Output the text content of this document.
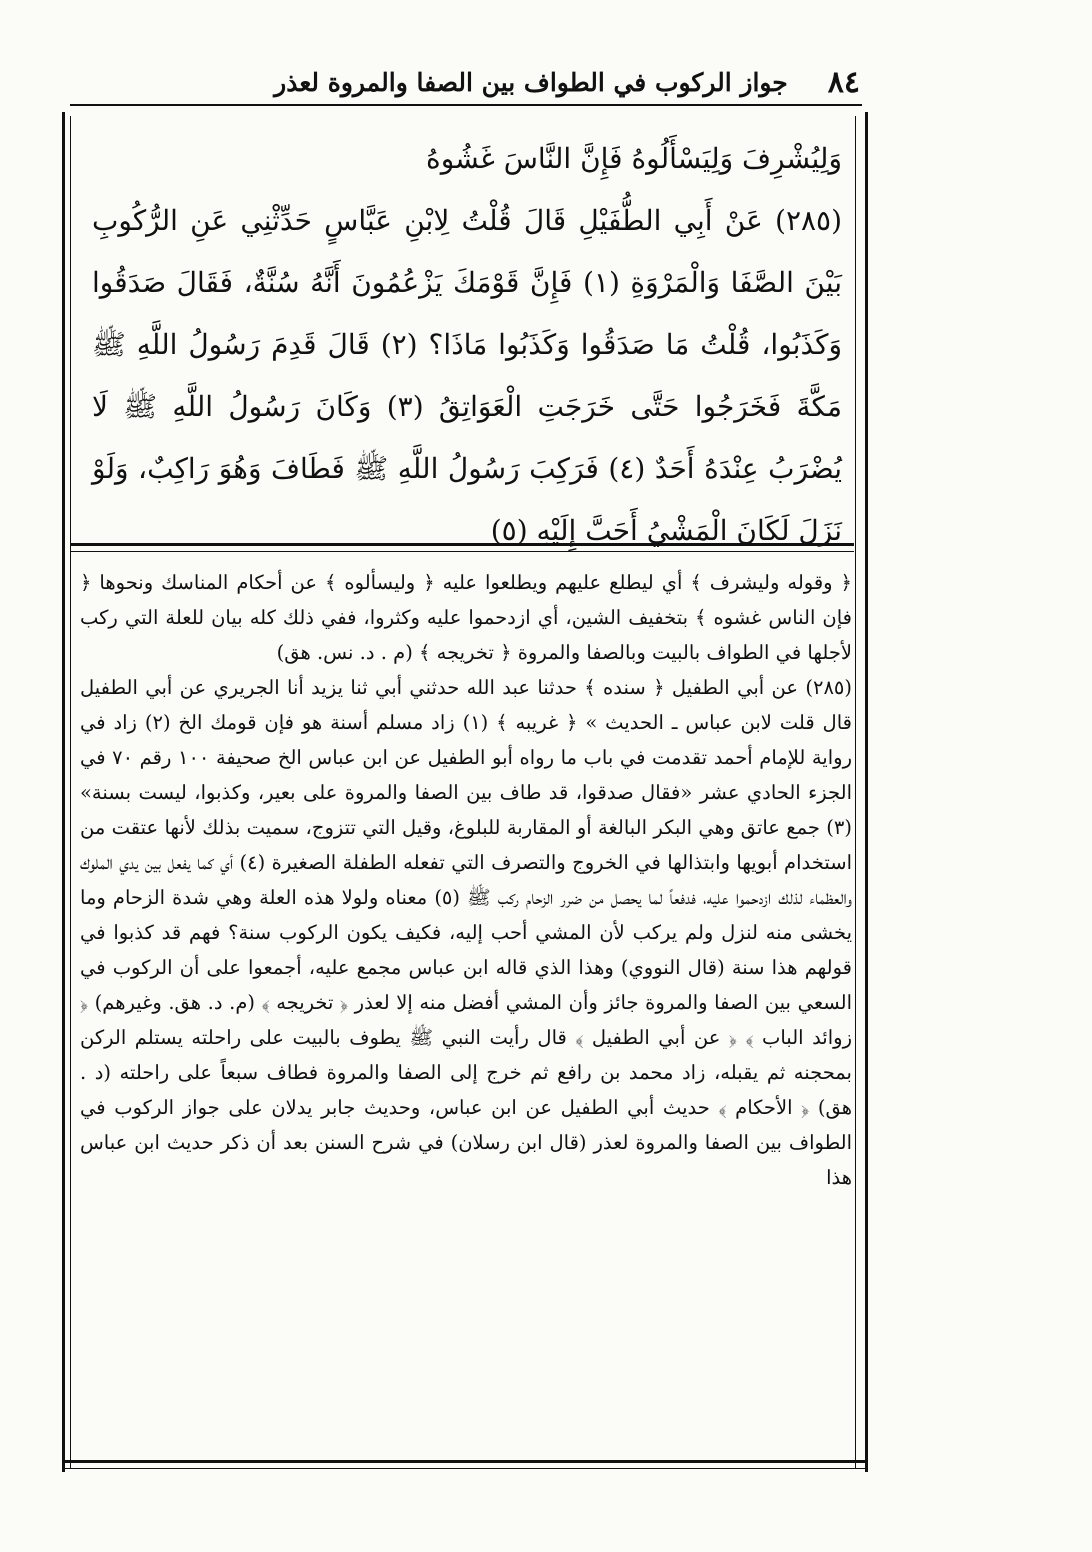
٨٤
جواز الركوب في الطواف بين الصفا والمروة لعذر

وَلِيُشْرِفَ وَلِيَسْأَلُوهُ فَإِنَّ النَّاسَ غَشُوهُ

(٢٨٥) عَنْ أَبِي الطُّفَيْلِ قَالَ قُلْتُ لِابْنِ عَبَّاسٍ حَدِّثْنِي عَنِ الرُّكُوبِ بَيْنَ الصَّفَا وَالْمَرْوَةِ (١) فَإِنَّ قَوْمَكَ يَزْعُمُونَ أَنَّهُ سُنَّةٌ، فَقَالَ صَدَقُوا وَكَذَبُوا، قُلْتُ مَا صَدَقُوا وَكَذَبُوا مَاذَا؟ (٢) قَالَ قَدِمَ رَسُولُ اللَّهِ ﷺ مَكَّةَ فَخَرَجُوا حَتَّى خَرَجَتِ الْعَوَاتِقُ (٣) وَكَانَ رَسُولُ اللَّهِ ﷺ لَا يُضْرَبُ عِنْدَهُ أَحَدٌ (٤) فَرَكِبَ رَسُولُ اللَّهِ ﷺ فَطَافَ وَهُوَ رَاكِبٌ، وَلَوْ نَزَلَ لَكَانَ الْمَشْيُ أَحَبَّ إِلَيْهِ (٥)

﴿ وقوله وليشرف ﴾ أي ليطلع عليهم ويطلعوا عليه ﴿ وليسألوه ﴾ عن أحكام المناسك ونحوها ﴿ فإن الناس غشوه ﴾ بتخفيف الشين، أي ازدحموا عليه وكثروا، ففي ذلك كله بيان للعلة التي ركب لأجلها في الطواف بالبيت وبالصفا والمروة ﴿ تخريجه ﴾ (م . د. نس. هق)

(٢٨٥) عن أبي الطفيل ﴿ سنده ﴾ حدثنا عبد الله حدثني أبي ثنا يزيد أنا الجريري عن أبي الطفيل قال قلت لابن عباس ـ الحديث » ﴿ غريبه ﴾ (١) زاد مسلم أسنة هو فإن قومك الخ (٢) زاد في رواية للإمام أحمد تقدمت في باب ما رواه أبو الطفيل عن ابن عباس الخ صحيفة ١٠٠ رقم ٧٠ في الجزء الحادي عشر «فقال صدقوا، قد طاف بين الصفا والمروة على بعير، وكذبوا، ليست بسنة» (٣) جمع عاتق وهي البكر البالغة أو المقاربة للبلوغ، وقيل التي تتزوج، سميت بذلك لأنها عتقت من استخدام أبويها وابتذالها في الخروج والتصرف التي تفعله الطفلة الصغيرة (٤) أي كما يفعل بين يدي الملوك والعظماء لذلك ازدحموا عليه، فدفعاً لما يحصل من ضرر الزحام ركب ﷺ (٥) معناه ولولا هذه العلة وهي شدة الزحام وما يخشى منه لنزل ولم يركب لأن المشي أحب إليه، فكيف يكون الركوب سنة؟ فهم قد كذبوا في قولهم هذا سنة (قال النووي) وهذا الذي قاله ابن عباس مجمع عليه، أجمعوا على أن الركوب في السعي بين الصفا والمروة جائز وأن المشي أفضل منه إلا لعذر ﴿ تخريجه ﴾ (م. د. هق. وغيرهم) ﴿ زوائد الباب ﴾ ﴿ عن أبي الطفيل ﴾ قال رأيت النبي ﷺ يطوف بالبيت على راحلته يستلم الركن بمحجنه ثم يقبله، زاد محمد بن رافع ثم خرج إلى الصفا والمروة فطاف سبعاً على راحلته (د . هق) ﴿ الأحكام ﴾ حديث أبي الطفيل عن ابن عباس، وحديث جابر يدلان على جواز الركوب في الطواف بين الصفا والمروة لعذر (قال ابن رسلان) في شرح السنن بعد أن ذكر حديث ابن عباس هذا
